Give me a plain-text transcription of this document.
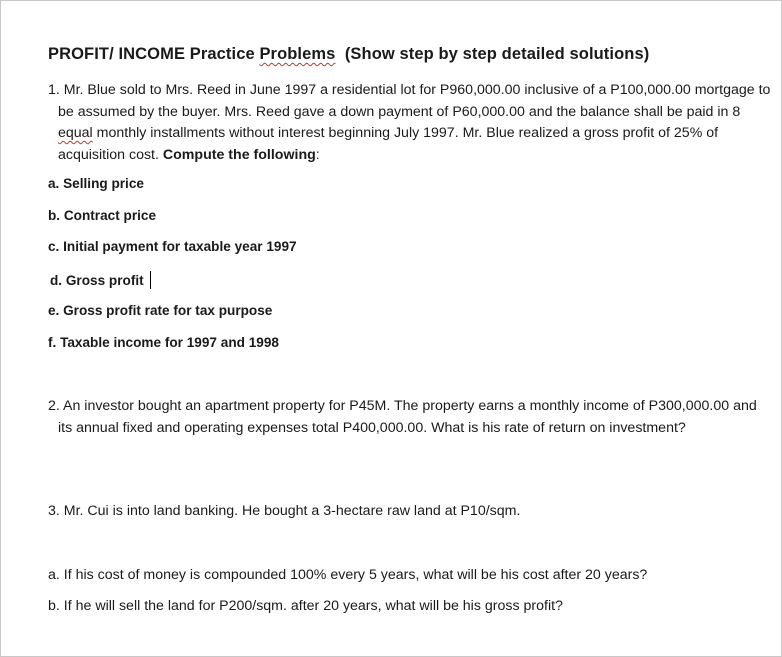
PROFIT/ INCOME Practice Problems  (Show step by step detailed solutions)

1. Mr. Blue sold to Mrs. Reed in June 1997 a residential lot for P960,000.00 inclusive of a P100,000.00 mortgage to be assumed by the buyer. Mrs. Reed gave a down payment of P60,000.00 and the balance shall be paid in 8 equal monthly installments without interest beginning July 1997. Mr. Blue realized a gross profit of 25% of acquisition cost. Compute the following:

a. Selling price
b. Contract price
c. Initial payment for taxable year 1997
d. Gross profit
e. Gross profit rate for tax purpose
f. Taxable income for 1997 and 1998

2. An investor bought an apartment property for P45M. The property earns a monthly income of P300,000.00 and its annual fixed and operating expenses total P400,000.00. What is his rate of return on investment?

3. Mr. Cui is into land banking. He bought a 3-hectare raw land at P10/sqm.
a. If his cost of money is compounded 100% every 5 years, what will be his cost after 20 years?
b. If he will sell the land for P200/sqm. after 20 years, what will be his gross profit?
